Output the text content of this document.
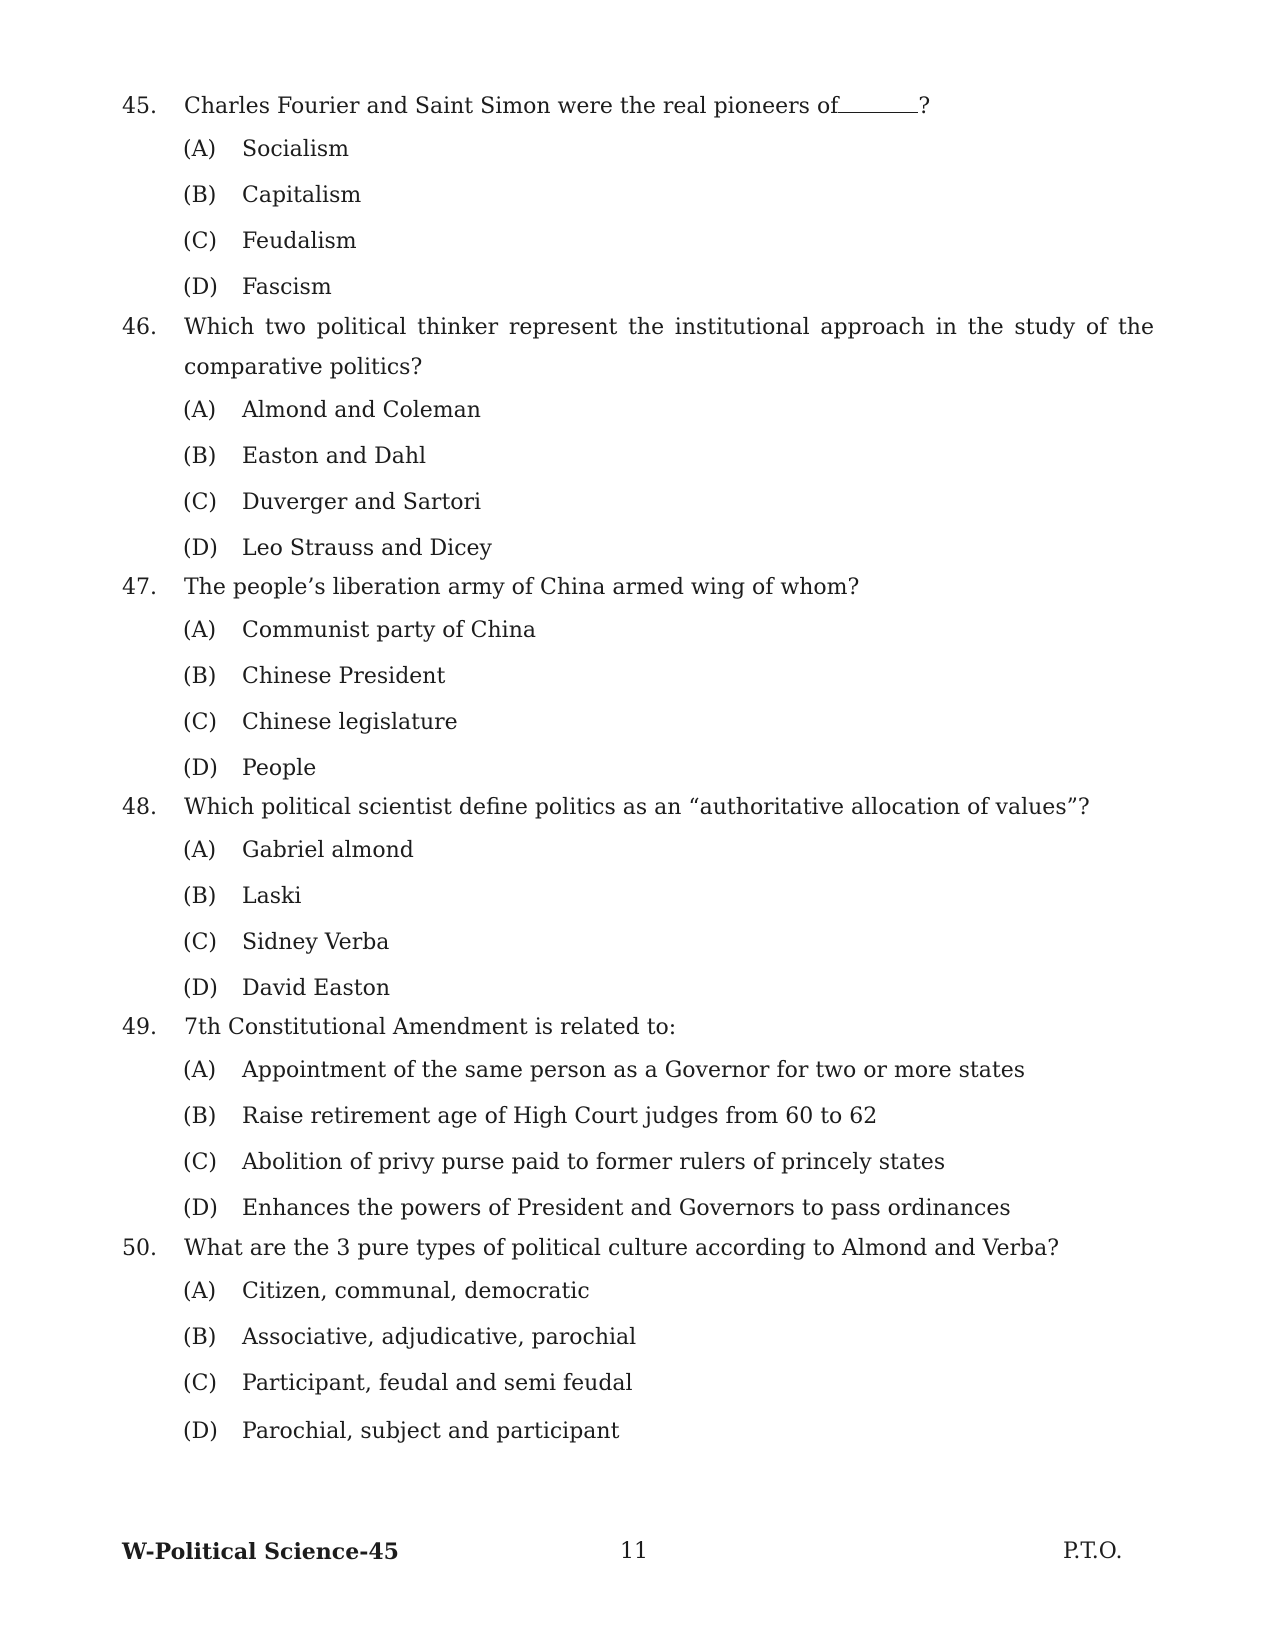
45.	Charles Fourier and Saint Simon were the real pioneers of	?
(A) Socialism
(B) Capitalism
(C) Feudalism
(D) Fascism
46.	Which two political thinker represent the institutional approach in the study of the comparative politics?
(A) Almond and Coleman
(B) Easton and Dahl
(C) Duverger and Sartori
(D) Leo Strauss and Dicey
47.	The people’s liberation army of China armed wing of whom?
(A) Communist party of China
(B) Chinese President
(C) Chinese legislature
(D) People
48.	Which political scientist define politics as an “authoritative allocation of values”?
(A) Gabriel almond
(B) Laski
(C) Sidney Verba
(D) David Easton
49.	7th Constitutional Amendment is related to:
(A) Appointment of the same person as a Governor for two or more states
(B) Raise retirement age of High Court judges from 60 to 62
(C) Abolition of privy purse paid to former rulers of princely states
(D) Enhances the powers of President and Governors to pass ordinances
50.	What are the 3 pure types of political culture according to Almond and Verba?
(A) Citizen, communal, democratic
(B) Associative, adjudicative, parochial
(C) Participant, feudal and semi feudal
(D) Parochial, subject and participant
W-Political Science-45	11	P.T.O.
